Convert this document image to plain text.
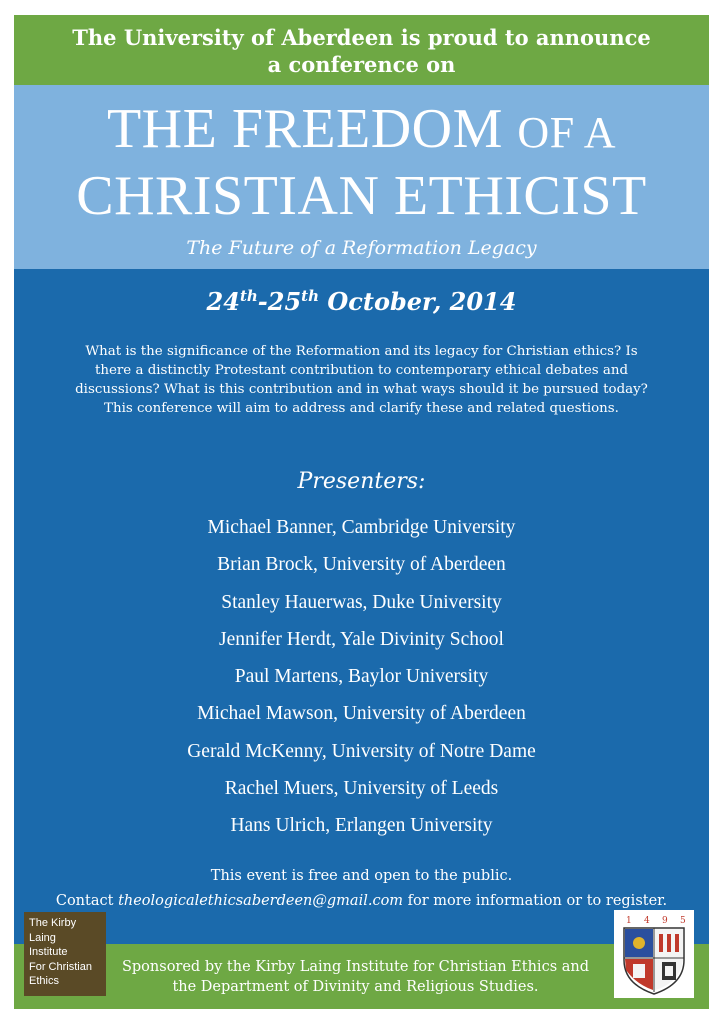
The University of Aberdeen is proud to announce
a conference on
THE FREEDOM OF A
CHRISTIAN ETHICIST
The Future of a Reformation Legacy
24th-25th October, 2014
What is the significance of the Reformation and its legacy for Christian ethics? Is
there a distinctly Protestant contribution to contemporary ethical debates and
discussions? What is this contribution and in what ways should it be pursued today?
This conference will aim to address and clarify these and related questions.
Presenters:
Michael Banner, Cambridge University
Brian Brock, University of Aberdeen
Stanley Hauerwas, Duke University
Jennifer Herdt, Yale Divinity School
Paul Martens, Baylor University
Michael Mawson, University of Aberdeen
Gerald McKenny, University of Notre Dame
Rachel Muers, University of Leeds
Hans Ulrich, Erlangen University
This event is free and open to the public.
Contact theologicalethicsaberdeen@gmail.com for more information or to register.
Sponsored by the Kirby Laing Institute for Christian Ethics and
the Department of Divinity and Religious Studies.
The Kirby
Laing
Institute
For Christian
Ethics
1 4 9 5
